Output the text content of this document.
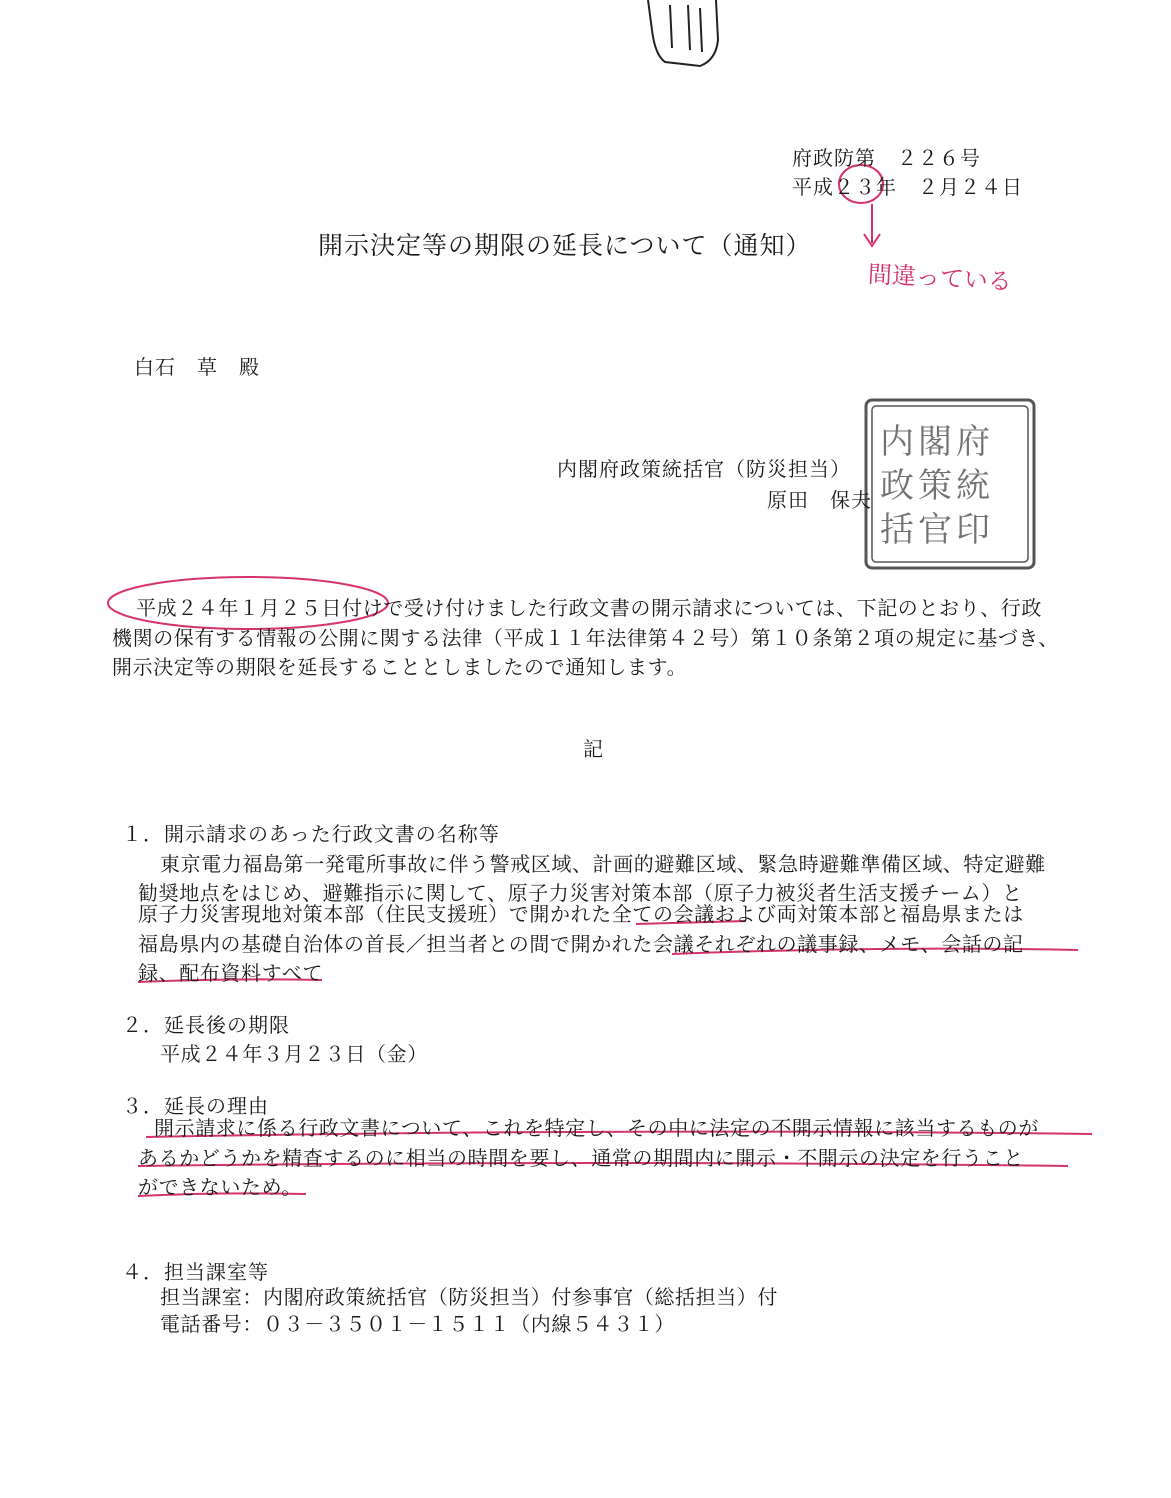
府政防第　２２６号
平成２３年　２月２４日
開示決定等の期限の延長について（通知）
間違っている
白石　草　殿
内閣府政策統括官印
内閣府政策統括官（防災担当）
原田　保夫
平成２４年１月２５日付けで受け付けました行政文書の開示請求については、下記のとおり、行政
機関の保有する情報の公開に関する法律（平成１１年法律第４２号）第１０条第２項の規定に基づき、
開示決定等の期限を延長することとしましたので通知します。
記
１．開示請求のあった行政文書の名称等
東京電力福島第一発電所事故に伴う警戒区域、計画的避難区域、緊急時避難準備区域、特定避難
勧奨地点をはじめ、避難指示に関して、原子力災害対策本部（原子力被災者生活支援チーム）と
原子力災害現地対策本部（住民支援班）で開かれた全ての会議および両対策本部と福島県または
福島県内の基礎自治体の首長／担当者との間で開かれた会議それぞれの議事録、メモ、会話の記
録、配布資料すべて
２．延長後の期限
平成２４年３月２３日（金）
３．延長の理由
開示請求に係る行政文書について、これを特定し、その中に法定の不開示情報に該当するものが
あるかどうかを精査するのに相当の時間を要し、通常の期間内に開示・不開示の決定を行うこと
ができないため。
４．担当課室等
担当課室：内閣府政策統括官（防災担当）付参事官（総括担当）付
電話番号：０３－３５０１－１５１１（内線５４３１）
